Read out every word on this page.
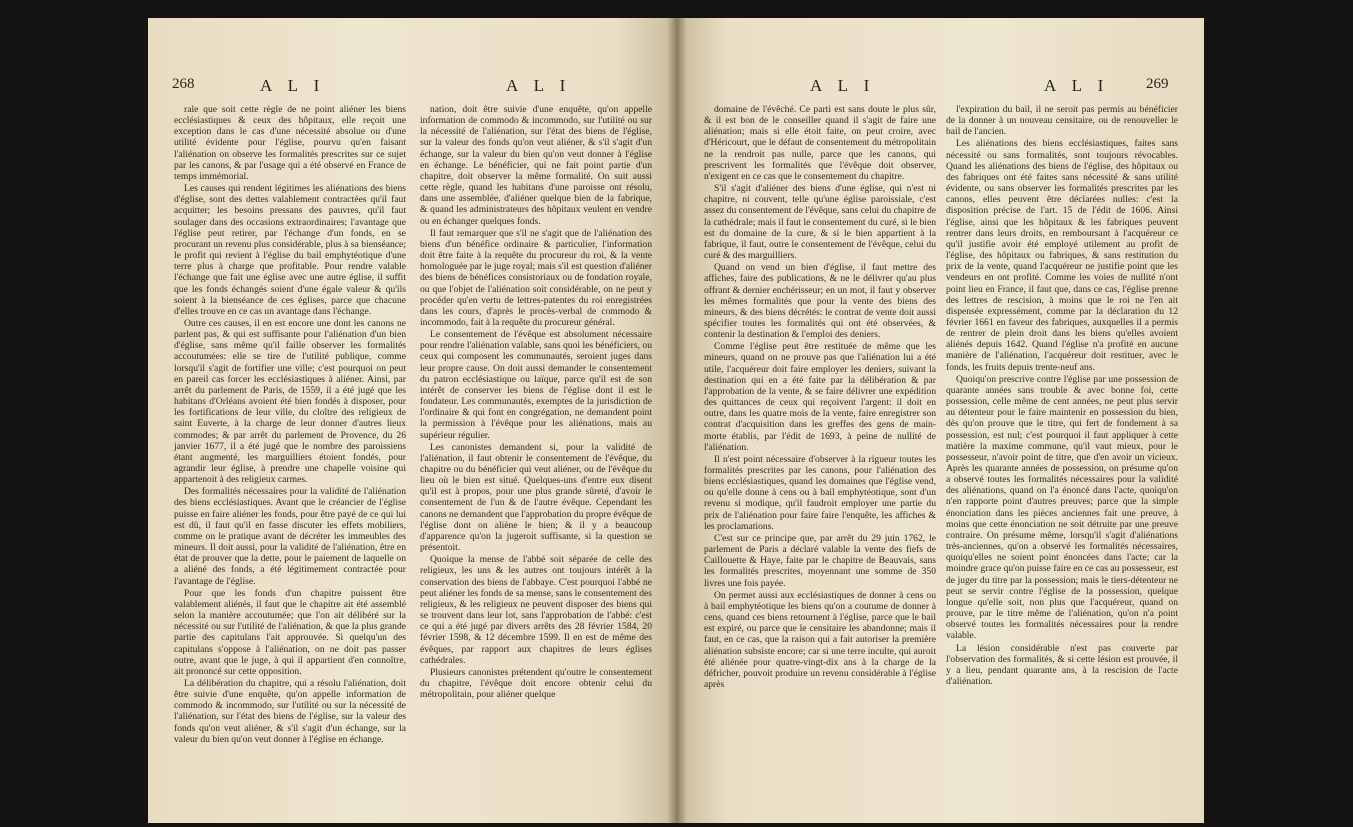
268	A L I	A L I

rale que soit cette règle de ne point aliéner les biens ecclésiastiques & ceux des hôpitaux, elle reçoit une exception dans le cas d'une nécessité absolue ou d'une utilité évidente pour l'église, pourvu qu'en faisant l'aliénation on observe les formalités prescrites sur ce sujet par les canons, & par l'usage qui a été observé en France de temps immémorial.

Les causes qui rendent légitimes les aliénations des biens d'église, sont des dettes valablement contractées qu'il faut acquitter; les besoins pressans des pauvres, qu'il faut soulager dans des occasions extraordinaires; l'avantage que l'église peut retirer, par l'échange d'un fonds, en se procurant un revenu plus considérable, plus à sa bienséance; le profit qui revient à l'église du bail emphytéotique d'une terre plus à charge que profitable. Pour rendre valable l'échange que fait une église avec une autre église, il suffit que les fonds échangés soient d'une égale valeur & qu'ils soient à la bienséance de ces églises, parce que chacune d'elles trouve en ce cas un avantage dans l'échange.

Outre ces causes, il en est encore une dont les canons ne parlent pas, & qui est suffisante pour l'aliénation d'un bien d'église, sans même qu'il faille observer les formalités accoutumées: elle se tire de l'utilité publique, comme lorsqu'il s'agit de fortifier une ville; c'est pourquoi on peut en pareil cas forcer les ecclésiastiques à aliéner. Ainsi, par arrêt du parlement de Paris, de 1559, il a été jugé que les habitans d'Orléans avoient été bien fondés à disposer, pour les fortifications de leur ville, du cloître des religieux de saint Euverte, à la charge de leur donner d'autres lieux commodes; & par arrêt du parlement de Provence, du 26 janvier 1677, il a été jugé que le nombre des paroissiens étant augmenté, les marguilliers étoient fondés, pour agrandir leur église, à prendre une chapelle voisine qui appartenoit à des religieux carmes.

Des formalités nécessaires pour la validité de l'aliénation des biens ecclésiastiques. Avant que le créancier de l'église puisse en faire aliéner les fonds, pour être payé de ce qui lui est dû, il faut qu'il en fasse discuter les effets mobiliers, comme on le pratique avant de décréter les immeubles des mineurs. Il doit aussi, pour la validité de l'aliénation, être en état de prouver que la dette, pour le paiement de laquelle on a aliéné des fonds, a été légitimement contractée pour l'avantage de l'église.

Pour que les fonds d'un chapitre puissent être valablement aliénés, il faut que le chapitre ait été assemblé selon la manière accoutumée; que l'on ait délibéré sur la nécessité ou sur l'utilité de l'aliénation, & que la plus grande partie des capitulans l'ait approuvée. Si quelqu'un des capitulans s'oppose à l'aliénation, on ne doit pas passer outre, avant que le juge, à qui il appartient d'en connoître, ait prononcé sur cette opposition.

La délibération du chapitre, qui a résolu l'aliénation, doit être suivie d'une enquête, qu'on appelle information de commodo & incommodo, sur l'utilité ou sur la nécessité de l'aliénation, sur l'état des biens de l'église, sur la valeur des fonds qu'on veut aliéner, & s'il s'agit d'un échange, sur la valeur du bien qu'on veut donner à l'église en échange.

nation, doit être suivie d'une enquête, qu'on appelle information de commodo & incommodo, sur l'utilité ou sur la nécessité de l'aliénation, sur l'état des biens de l'église, sur la valeur des fonds qu'on veut aliéner, & s'il s'agit d'un échange, sur la valeur du bien qu'on veut donner à l'église en échange. Le bénéficier, qui ne fait point partie d'un chapitre, doit observer la même formalité. On suit aussi cette règle, quand les habitans d'une paroisse ont résolu, dans une assemblée, d'aliéner quelque bien de la fabrique, & quand les administrateurs des hôpitaux veulent en vendre ou en échanger quelques fonds.

Il faut remarquer que s'il ne s'agit que de l'aliénation des biens d'un bénéfice ordinaire & particulier, l'information doit être faite à la requête du procureur du roi, & la vente homologuée par le juge royal; mais s'il est question d'aliéner des biens de bénéfices consistoriaux ou de fondation royale, ou que l'objet de l'aliénation soit considérable, on ne peut y procéder qu'en vertu de lettres-patentes du roi enregistrées dans les cours, d'après le procès-verbal de commodo & incommodo, fait à la requête du procureur général.

Le consentement de l'évêque est absolument nécessaire pour rendre l'aliénation valable, sans quoi les bénéficiers, ou ceux qui composent les communautés, seroient juges dans leur propre cause. On doit aussi demander le consentement du patron ecclésiastique ou laïque, parce qu'il est de son intérêt de conserver les biens de l'église dont il est le fondateur. Les communautés, exemptes de la jurisdiction de l'ordinaire & qui font en congrégation, ne demandent point la permission à l'évêque pour les aliénations, mais au supérieur régulier.

Les canonistes demandent si, pour la validité de l'aliénation, il faut obtenir le consentement de l'évêque, du chapitre ou du bénéficier qui veut aliéner, ou de l'évêque du lieu où le bien est situé. Quelques-uns d'entre eux disent qu'il est à propos, pour une plus grande sûreté, d'avoir le consentement de l'un & de l'autre évêque. Cependant les canons ne demandent que l'approbation du propre évêque de l'église dont on aliène le bien; & il y a beaucoup d'apparence qu'on la jugeroit suffisante, si la question se présentoit.

Quoique la mense de l'abbé soit séparée de celle des religieux, les uns & les autres ont toujours intérêt à la conservation des biens de l'abbaye. C'est pourquoi l'abbé ne peut aliéner les fonds de sa mense, sans le consentement des religieux, & les religieux ne peuvent disposer des biens qui se trouvent dans leur lot, sans l'approbation de l'abbé: c'est ce qui a été jugé par divers arrêts des 28 février 1584, 20 février 1598, & 12 décembre 1599. Il en est de même des évêques, par rapport aux chapitres de leurs églises cathédrales.

Plusieurs canonistes prétendent qu'outre le consentement du chapitre, l'évêque doit encore obtenir celui du métropolitain, pour aliéner quelque

A L I	A L I 269

domaine de l'évêché. Ce parti est sans doute le plus sûr, & il est bon de le conseiller quand il s'agit de faire une aliénation; mais si elle étoit faite, on peut croire, avec d'Héricourt, que le défaut de consentement du métropolitain ne la rendroit pas nulle, parce que les canons, qui prescrivent les formalités que l'évêque doit observer, n'exigent en ce cas que le consentement du chapitre.

S'il s'agit d'aliéner des biens d'une église, qui n'est ni chapitre, ni couvent, telle qu'une église paroissiale, c'est assez du consentement de l'évêque, sans celui du chapitre de la cathédrale; mais il faut le consentement du curé, si le bien est du domaine de la cure, & si le bien appartient à la fabrique, il faut, outre le consentement de l'évêque, celui du curé & des marguilliers.

Quand on vend un bien d'église, il faut mettre des affiches, faire des publications, & ne le délivrer qu'au plus offrant & dernier enchérisseur; en un mot, il faut y observer les mêmes formalités que pour la vente des biens des mineurs, & des biens décrétés: le contrat de vente doit aussi spécifier toutes les formalités qui ont été observées, & contenir la destination & l'emploi des deniers.

Comme l'église peut être restituée de même que les mineurs, quand on ne prouve pas que l'aliénation lui a été utile, l'acquéreur doit faire employer les deniers, suivant la destination qui en a été faite par la délibération & par l'approbation de la vente, & se faire délivrer une expédition des quittances de ceux qui reçoivent l'argent: il doit en outre, dans les quatre mois de la vente, faire enregistrer son contrat d'acquisition dans les greffes des gens de main-morte établis, par l'édit de 1693, à peine de nullité de l'aliénation.

Il n'est point nécessaire d'observer à la rigueur toutes les formalités prescrites par les canons, pour l'aliénation des biens ecclésiastiques, quand les domaines que l'église vend, ou qu'elle donne à cens ou à bail emphytéotique, sont d'un revenu si modique, qu'il faudroit employer une partie du prix de l'aliénation pour faire faire l'enquête, les affiches & les proclamations.

C'est sur ce principe que, par arrêt du 29 juin 1762, le parlement de Paris a déclaré valable la vente des fiefs de Caillouette & Haye, faite par le chapitre de Beauvais, sans les formalités prescrites, moyennant une somme de 350 livres une fois payée.

On permet aussi aux ecclésiastiques de donner à cens ou à bail emphytéotique les biens qu'on a coutume de donner à cens, quand ces biens retournent à l'église, parce que le bail est expiré, ou parce que le censitaire les abandonne; mais il faut, en ce cas, que la raison qui a fait autoriser la première aliénation subsiste encore; car si une terre inculte, qui auroit été aliénée pour quatre-vingt-dix ans à la charge de la défricher, pouvoit produire un revenu considérable à l'église après

l'expiration du bail, il ne seroit pas permis au bénéficier de la donner à un nouveau censitaire, ou de renouveller le bail de l'ancien.

Les aliénations des biens ecclésiastiques, faites sans nécessité ou sans formalités, sont toujours révocables. Quand les aliénations des biens de l'église, des hôpitaux ou des fabriques ont été faites sans nécessité & sans utilité évidente, ou sans observer les formalités prescrites par les canons, elles peuvent être déclarées nulles: c'est la disposition précise de l'art. 15 de l'édit de 1606. Ainsi l'église, ainsi que les hôpitaux & les fabriques peuvent rentrer dans leurs droits, en remboursant à l'acquéreur ce qu'il justifie avoir été employé utilement au profit de l'église, des hôpitaux ou fabriques, & sans restitution du prix de la vente, quand l'acquéreur ne justifie point que les vendeurs en ont profité. Comme les voies de nullité n'ont point lieu en France, il faut que, dans ce cas, l'église prenne des lettres de rescision, à moins que le roi ne l'en ait dispensée expressément, comme par la déclaration du 12 février 1661 en faveur des fabriques, auxquelles il a permis de rentrer de plein droit dans les biens qu'elles avoient aliénés depuis 1642. Quand l'église n'a profité en aucune manière de l'aliénation, l'acquéreur doit restituer, avec le fonds, les fruits depuis trente-neuf ans.

Quoiqu'on prescrive contre l'église par une possession de quarante années sans trouble & avec bonne foi, cette possession, celle même de cent années, ne peut plus servir au détenteur pour le faire maintenir en possession du bien, dès qu'on prouve que le titre, qui fert de fondement à sa possession, est nul; c'est pourquoi il faut appliquer à cette matière la maxime commune, qu'il vaut mieux, pour le possesseur, n'avoir point de titre, que d'en avoir un vicieux. Après les quarante années de possession, on présume qu'on a observé toutes les formalités nécessaires pour la validité des aliénations, quand on l'a énoncé dans l'acte, quoiqu'on n'en rapporte point d'autres preuves; parce que la simple énonciation dans les pièces anciennes fait une preuve, à moins que cette énonciation ne soit détruite par une preuve contraire. On présume même, lorsqu'il s'agit d'aliénations très-anciennes, qu'on a observé les formalités nécessaires, quoiqu'elles ne soient point énoncées dans l'acte; car la moindre grace qu'on puisse faire en ce cas au possesseur, est de juger du titre par la possession; mais le tiers-détenteur ne peut se servir contre l'église de la possession, quelque longue qu'elle soit, non plus que l'acquéreur, quand on prouve, par le titre même de l'aliénation, qu'on n'a point observé toutes les formalités nécessaires pour la rendre valable.

La lésion considérable n'est pas couverte par l'observation des formalités, & si cette lésion est prouvée, il y a lieu, pendant quarante ans, à la rescision de l'acte d'aliénation.
